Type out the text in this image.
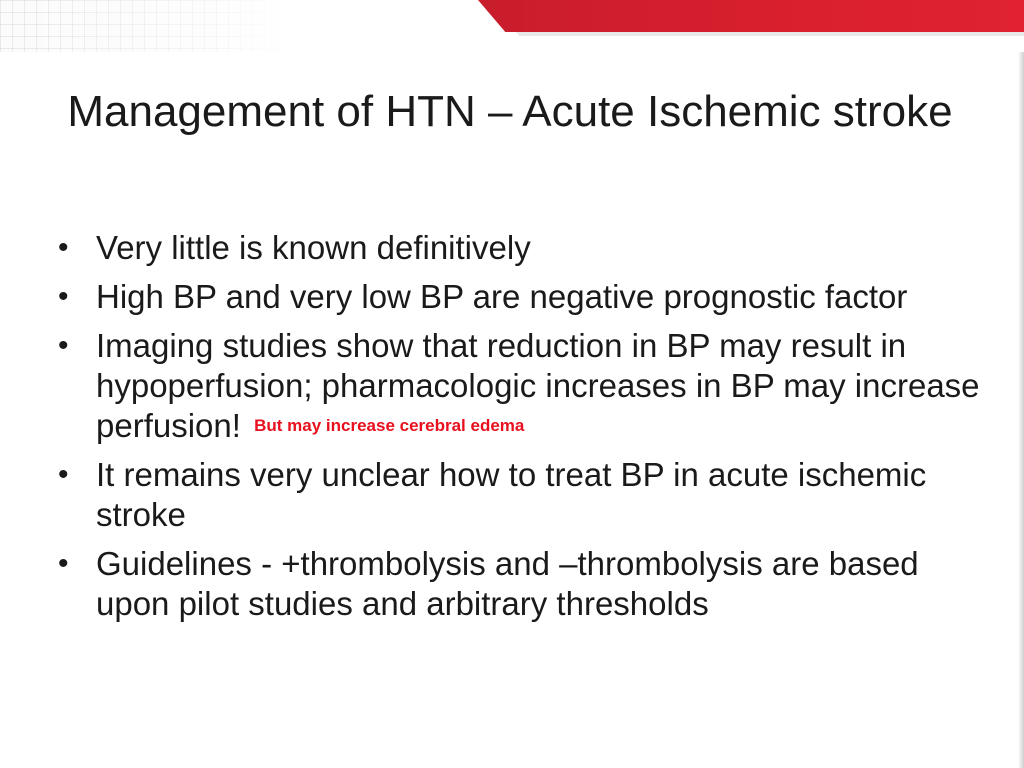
Management of HTN – Acute Ischemic stroke
• Very little is known definitively
• High BP and very low BP are negative prognostic factor
• Imaging studies show that reduction in BP may result in hypoperfusion; pharmacologic increases in BP may increase perfusion! $^{But may increase cerebral edema}$
• It remains very unclear how to treat BP in acute ischemic stroke
• Guidelines - +thrombolysis and –thrombolysis are based upon pilot studies and arbitrary thresholds
